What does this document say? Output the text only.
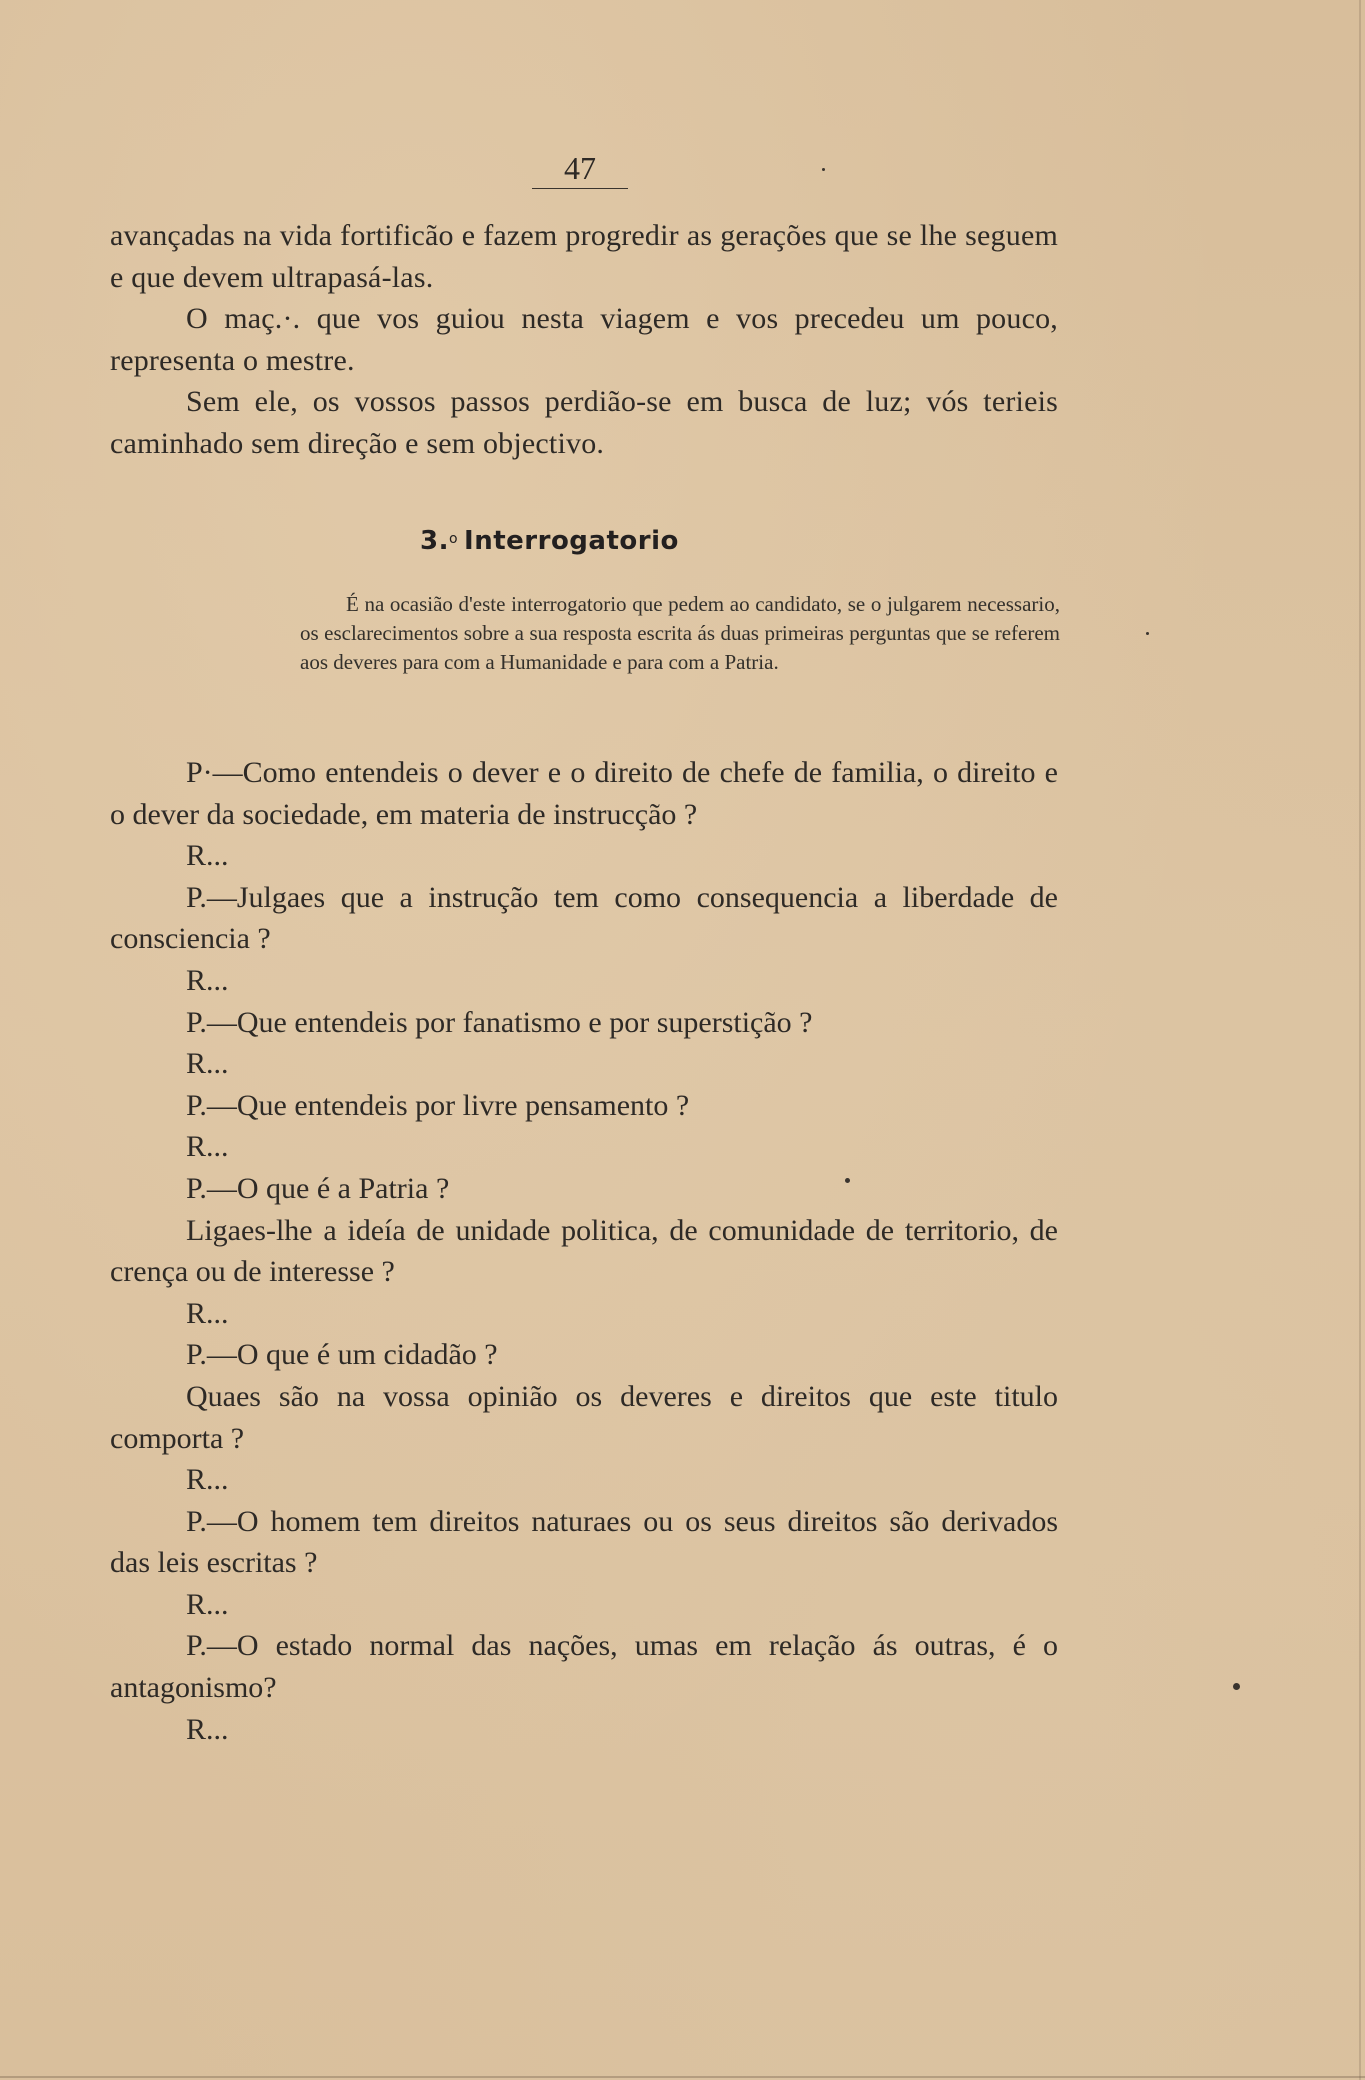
47

avançadas na vida fortificão e fazem progredir as gerações que se lhe seguem e que devem ultrapasá-las.

O maç.·. que vos guiou nesta viagem e vos precedeu um pouco, representa o mestre.

Sem ele, os vossos passos perdião-se em busca de luz; vós terieis caminhado sem direção e sem objectivo.

3.$^o$ Interrogatorio

É na ocasião d'este interrogatorio que pedem ao candidato, se o julgarem necessario, os esclarecimentos sobre a sua resposta escrita ás duas primeiras perguntas que se referem aos deveres para com a Humanidade e para com a Patria.

P·—Como entendeis o dever e o direito de chefe de familia, o direito e o dever da sociedade, em materia de instrucção ?

R...

P.—Julgaes que a instrução tem como consequencia a liberdade de consciencia ?

R...

P.—Que entendeis por fanatismo e por superstição ?

R...

P.—Que entendeis por livre pensamento ?

R...

P.—O que é a Patria ?

Ligaes-lhe a ideía de unidade politica, de comunidade de territorio, de crença ou de interesse ?

R...

P.—O que é um cidadão ?

Quaes são na vossa opinião os deveres e direitos que este titulo comporta ?

R...

P.—O homem tem direitos naturaes ou os seus direitos são derivados das leis escritas ?

R...

P.—O estado normal das nações, umas em relação ás outras, é o antagonismo?

R...
